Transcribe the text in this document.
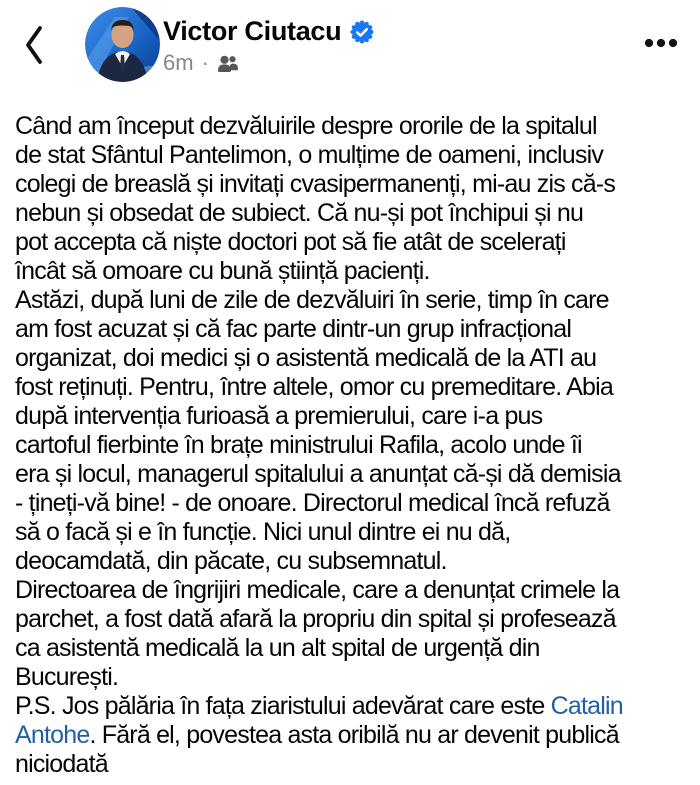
Victor Ciutacu
6m ·
Când am început dezvăluirile despre ororile de la spitalul
de stat Sfântul Pantelimon, o mulțime de oameni, inclusiv
colegi de breaslă și invitați cvasipermanenți, mi-au zis că-s
nebun și obsedat de subiect. Că nu-și pot închipui și nu
pot accepta că niște doctori pot să fie atât de scelerați
încât să omoare cu bună știință pacienți.
Astăzi, după luni de zile de dezvăluiri în serie, timp în care
am fost acuzat și că fac parte dintr-un grup infracțional
organizat, doi medici și o asistentă medicală de la ATI au
fost reținuți. Pentru, între altele, omor cu premeditare. Abia
după intervenția furioasă a premierului, care i-a pus
cartoful fierbinte în brațe ministrului Rafila, acolo unde îi
era și locul, managerul spitalului a anunțat că-și dă demisia
- țineți-vă bine! - de onoare. Directorul medical încă refuză
să o facă și e în funcție. Nici unul dintre ei nu dă,
deocamdată, din păcate, cu subsemnatul.
Directoarea de îngrijiri medicale, care a denunțat crimele la
parchet, a fost dată afară la propriu din spital și profesează
ca asistentă medicală la un alt spital de urgență din
București.
P.S. Jos pălăria în fața ziaristului adevărat care este Catalin
Antohe. Fără el, povestea asta oribilă nu ar devenit publică
niciodată
